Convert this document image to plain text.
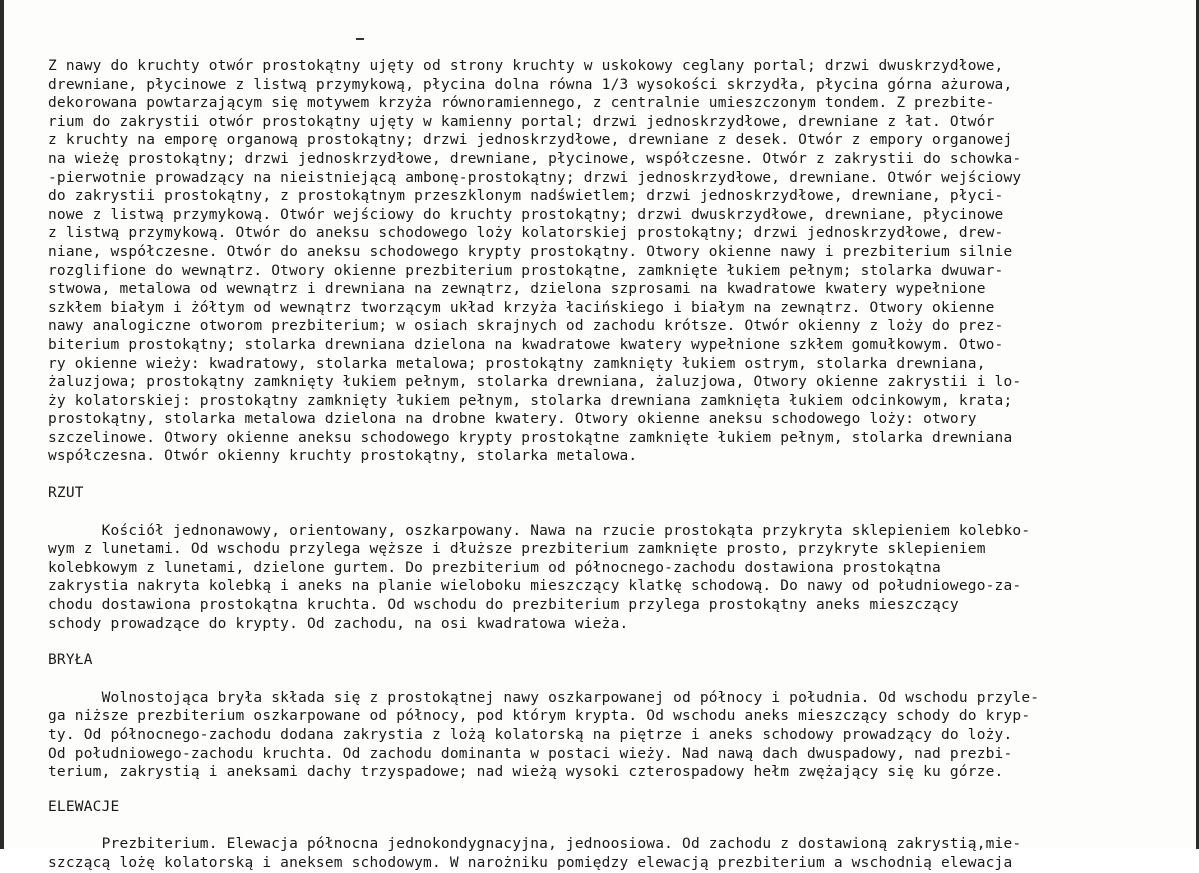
Z nawy do kruchty otwór prostokątny ujęty od strony kruchty w uskokowy ceglany portal; drzwi dwuskrzydłowe,
drewniane, płycinowe z listwą przymykową, płycina dolna równa 1/3 wysokości skrzydła, płycina górna ażurowa,
dekorowana powtarzającym się motywem krzyża równoramiennego, z centralnie umieszczonym tondem. Z prezbite-
rium do zakrystii otwór prostokątny ujęty w kamienny portal; drzwi jednoskrzydłowe, drewniane z łat. Otwór
z kruchty na emporę organową prostokątny; drzwi jednoskrzydłowe, drewniane z desek. Otwór z empory organowej
na wieżę prostokątny; drzwi jednoskrzydłowe, drewniane, płycinowe, współczesne. Otwór z zakrystii do schowka-
-pierwotnie prowadzący na nieistniejącą ambonę-prostokątny; drzwi jednoskrzydłowe, drewniane. Otwór wejściowy
do zakrystii prostokątny, z prostokątnym przeszklonym nadświetlem; drzwi jednoskrzydłowe, drewniane, płyci-
nowe z listwą przymykową. Otwór wejściowy do kruchty prostokątny; drzwi dwuskrzydłowe, drewniane, płycinowe
z listwą przymykową. Otwór do aneksu schodowego loży kolatorskiej prostokątny; drzwi jednoskrzydłowe, drew-
niane, współczesne. Otwór do aneksu schodowego krypty prostokątny. Otwory okienne nawy i prezbiterium silnie
rozglifione do wewnątrz. Otwory okienne prezbiterium prostokątne, zamknięte łukiem pełnym; stolarka dwuwar-
stwowa, metalowa od wewnątrz i drewniana na zewnątrz, dzielona szprosami na kwadratowe kwatery wypełnione
szkłem białym i żółtym od wewnątrz tworzącym układ krzyża łacińskiego i białym na zewnątrz. Otwory okienne
nawy analogiczne otworom prezbiterium; w osiach skrajnych od zachodu krótsze. Otwór okienny z loży do prez-
biterium prostokątny; stolarka drewniana dzielona na kwadratowe kwatery wypełnione szkłem gomułkowym. Otwo-
ry okienne wieży: kwadratowy, stolarka metalowa; prostokątny zamknięty łukiem ostrym, stolarka drewniana,
żaluzjowa; prostokątny zamknięty łukiem pełnym, stolarka drewniana, żaluzjowa, Otwory okienne zakrystii i lo-
ży kolatorskiej: prostokątny zamknięty łukiem pełnym, stolarka drewniana zamknięta łukiem odcinkowym, krata;
prostokątny, stolarka metalowa dzielona na drobne kwatery. Otwory okienne aneksu schodowego loży: otwory
szczelinowe. Otwory okienne aneksu schodowego krypty prostokątne zamknięte łukiem pełnym, stolarka drewniana
współczesna. Otwór okienny kruchty prostokątny, stolarka metalowa.
RZUT
Kościół jednonawowy, orientowany, oszkarpowany. Nawa na rzucie prostokąta przykryta sklepieniem kolebko-
wym z lunetami. Od wschodu przylega węższe i dłuższe prezbiterium zamknięte prosto, przykryte sklepieniem
kolebkowym z lunetami, dzielone gurtem. Do prezbiterium od północnego-zachodu dostawiona prostokątna
zakrystia nakryta kolebką i aneks na planie wieloboku mieszczący klatkę schodową. Do nawy od południowego-za-
chodu dostawiona prostokątna kruchta. Od wschodu do prezbiterium przylega prostokątny aneks mieszczący
schody prowadzące do krypty. Od zachodu, na osi kwadratowa wieża.
BRYŁA
Wolnostojąca bryła składa się z prostokątnej nawy oszkarpowanej od północy i południa. Od wschodu przyle-
ga niższe prezbiterium oszkarpowane od północy, pod którym krypta. Od wschodu aneks mieszczący schody do kryp-
ty. Od północnego-zachodu dodana zakrystia z lożą kolatorską na piętrze i aneks schodowy prowadzący do loży.
Od południowego-zachodu kruchta. Od zachodu dominanta w postaci wieży. Nad nawą dach dwuspadowy, nad prezbi-
terium, zakrystią i aneksami dachy trzyspadowe; nad wieżą wysoki czterospadowy hełm zwężający się ku górze.
ELEWACJE
Prezbiterium. Elewacja północna jednokondygnacyjna, jednoosiowa. Od zachodu z dostawioną zakrystią,mie-
szczącą lożę kolatorską i aneksem schodowym. W narożniku pomiędzy elewacją prezbiterium a wschodnią elewacja
